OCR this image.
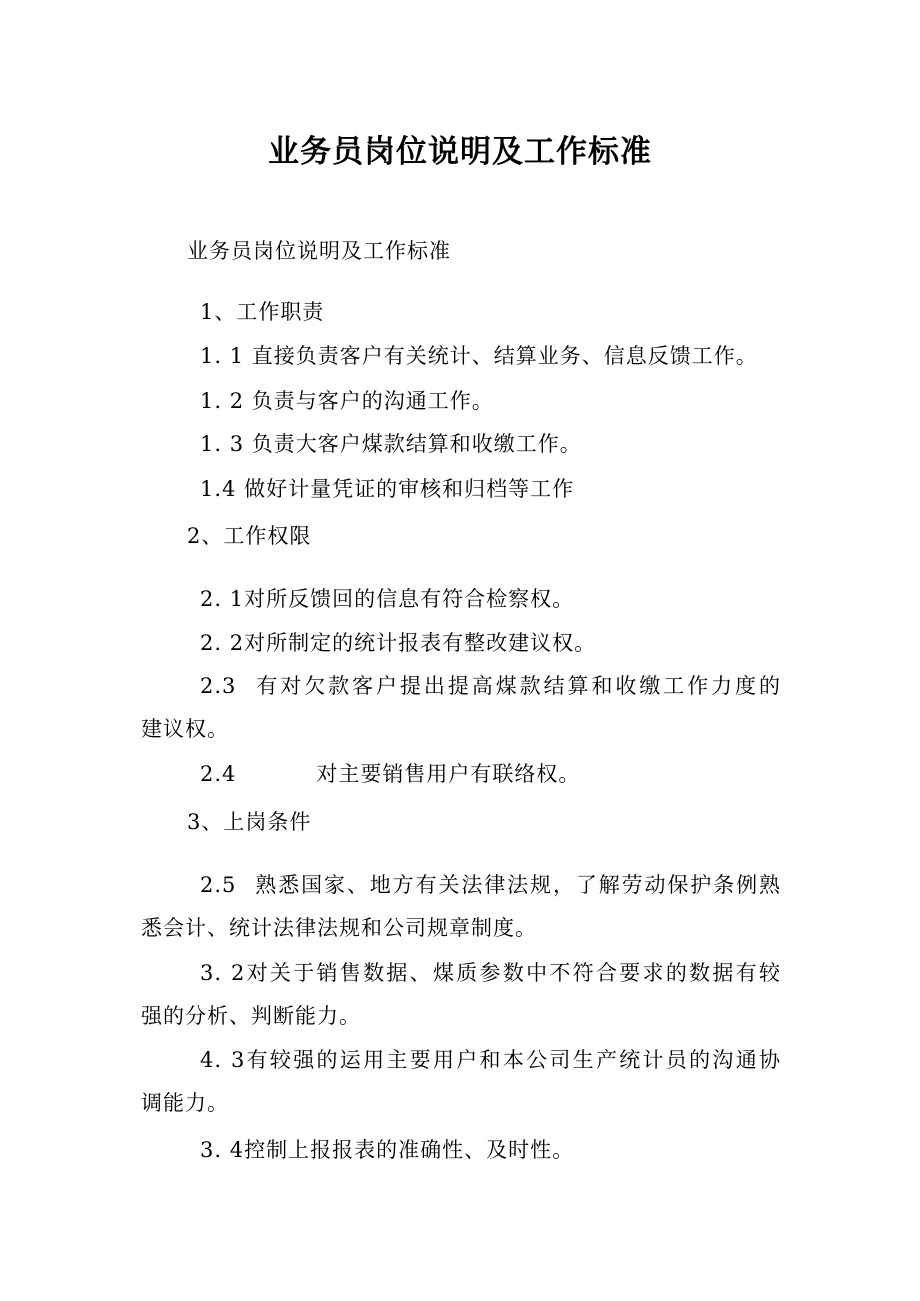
业务员岗位说明及工作标准
业务员岗位说明及工作标准
1、工作职责
1. 1 直接负责客户有关统计、结算业务、信息反馈工作。
1. 2 负责与客户的沟通工作。
1. 3 负责大客户煤款结算和收缴工作。
1.4 做好计量凭证的审核和归档等工作
2、工作权限
2. 1对所反馈回的信息有符合检察权。
2. 2对所制定的统计报表有整改建议权。
2.3 有对欠款客户提出提高煤款结算和收缴工作力度的
建议权。
2.4	对主要销售用户有联络权。
3、上岗条件
2.5 熟悉国家、地方有关法律法规，了解劳动保护条例熟
悉会计、统计法律法规和公司规章制度。
3. 2对关于销售数据、煤质参数中不符合要求的数据有较
强的分析、判断能力。
4. 3有较强的运用主要用户和本公司生产统计员的沟通协
调能力。
3. 4控制上报报表的准确性、及时性。
